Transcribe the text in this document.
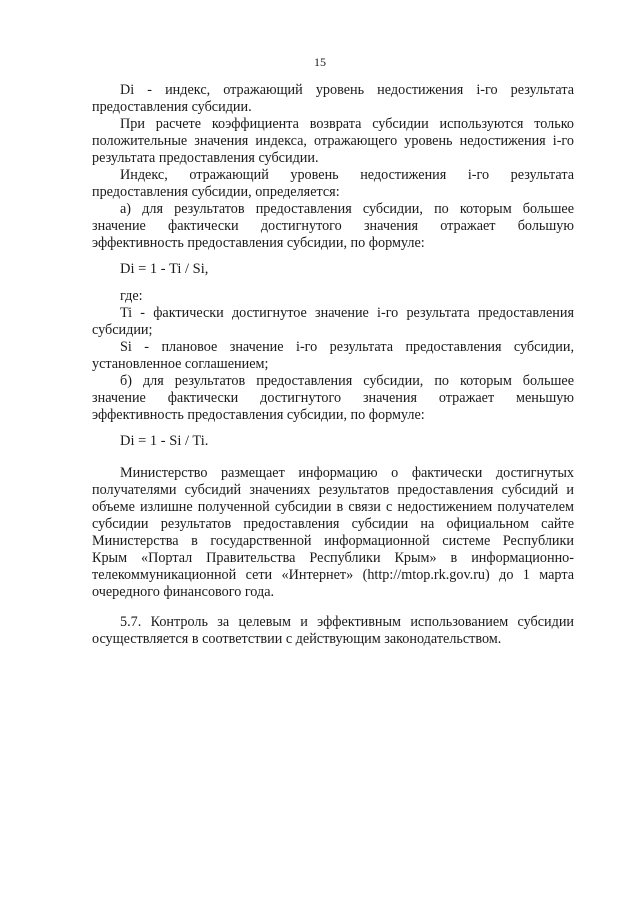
15
Di - индекс, отражающий уровень недостижения i-го результата
предоставления субсидии.
При расчете коэффициента возврата субсидии используются только
положительные значения индекса, отражающего уровень недостижения i-го
результата предоставления субсидии.
Индекс, отражающий уровень недостижения i-го результата
предоставления субсидии, определяется:
а) для результатов предоставления субсидии, по которым большее
значение фактически достигнутого значения отражает большую
эффективность предоставления субсидии, по формуле:
Di = 1 - Ti / Si,
где:
Ti - фактически достигнутое значение i-го результата предоставления
субсидии;
Si - плановое значение i-го результата предоставления субсидии,
установленное соглашением;
б) для результатов предоставления субсидии, по которым большее
значение фактически достигнутого значения отражает меньшую
эффективность предоставления субсидии, по формуле:
Di = 1 - Si / Ti.
Министерство размещает информацию о фактически достигнутых
получателями субсидий значениях результатов предоставления субсидий и
объеме излишне полученной субсидии в связи с недостижением получателем
субсидии результатов предоставления субсидии на официальном сайте
Министерства в государственной информационной системе Республики
Крым «Портал Правительства Республики Крым» в информационно-
телекоммуникационной сети «Интернет» (http://mtop.rk.gov.ru) до 1 марта
очередного финансового года.
5.7. Контроль за целевым и эффективным использованием субсидии
осуществляется в соответствии с действующим законодательством.
